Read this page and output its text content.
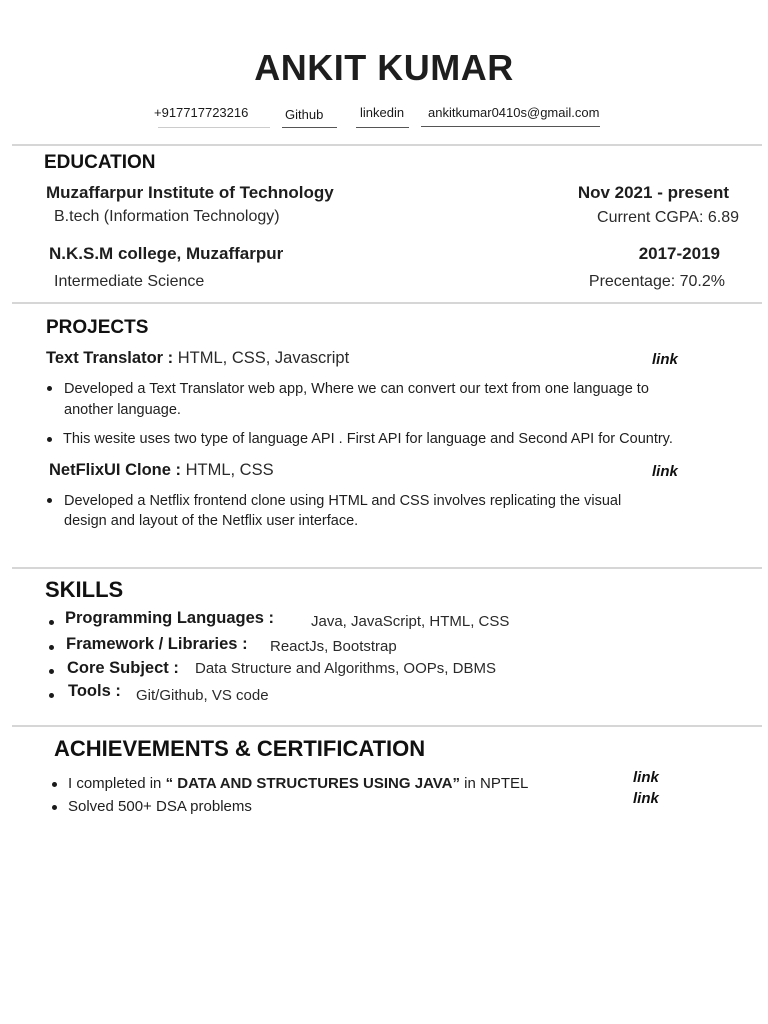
ANKIT KUMAR
+917717723216	Github	linkedin ankitkumar0410s@gmail.com
EDUCATION
Muzaffarpur Institute of Technology	Nov 2021 - present
B.tech (Information Technology)	Current CGPA: 6.89
N.K.S.M college, Muzaffarpur	2017-2019
Intermediate Science	Precentage: 70.2%
PROJECTS
Text Translator : HTML, CSS, Javascript	link
Developed a Text Translator web app, Where we can convert our text from one language to
another language.
This wesite uses two type of language API . First API for language and Second API for Country.
NetFlixUI Clone : HTML, CSS	link
Developed a Netflix frontend clone using HTML and CSS involves replicating the visual
design and layout of the Netflix user interface.
SKILLS
Programming Languages : Java, JavaScript, HTML, CSS
Framework / Libraries : ReactJs, Bootstrap
Core Subject : Data Structure and Algorithms, OOPs, DBMS
Tools : Git/Github, VS code
ACHIEVEMENTS & CERTIFICATION
I completed in “ DATA AND STRUCTURES USING JAVA” in NPTEL	link
Solved 500+ DSA problems	link
